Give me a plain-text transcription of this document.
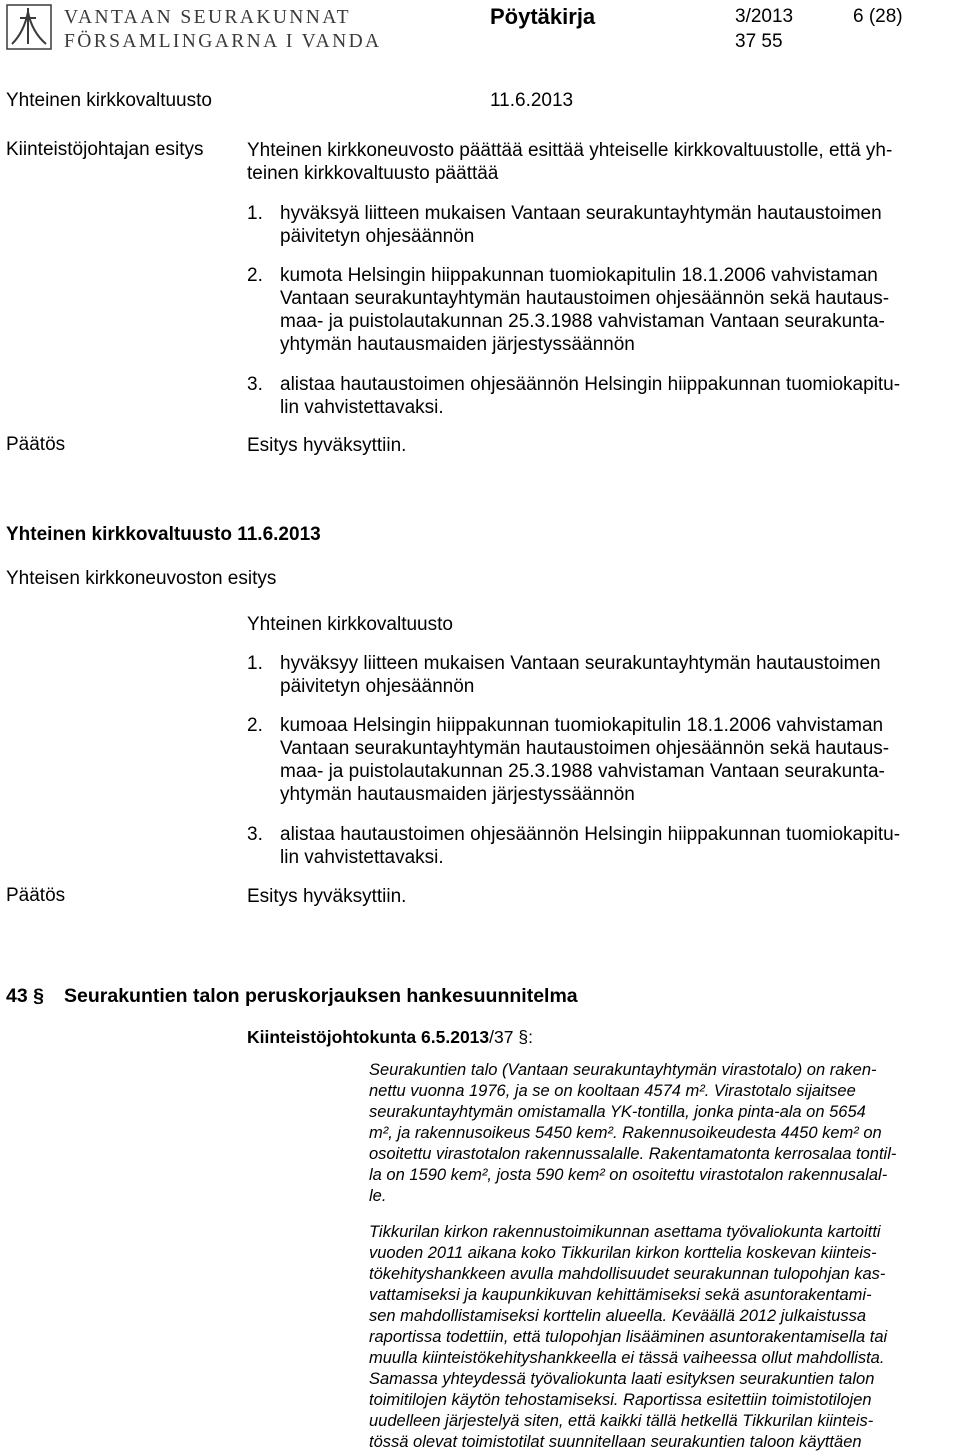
VANTAAN SEURAKUNNAT
FÖRSAMLINGARNA I VANDA
Pöytäkirja	3/2013	6 (28)
37 55
Yhteinen kirkkovaltuusto	11.6.2013
Kiinteistöjohtajan esitys Yhteinen kirkkoneuvosto päättää esittää yhteiselle kirkkovaltuustolle, että yh-
teinen kirkkovaltuusto päättää
1. hyväksyä liitteen mukaisen Vantaan seurakuntayhtymän hautaustoimen
päivitetyn ohjesäännön
2. kumota Helsingin hiippakunnan tuomiokapitulin 18.1.2006 vahvistaman
Vantaan seurakuntayhtymän hautaustoimen ohjesäännön sekä hautaus-
maa- ja puistolautakunnan 25.3.1988 vahvistaman Vantaan seurakunta-
yhtymän hautausmaiden järjestyssäännön
3. alistaa hautaustoimen ohjesäännön Helsingin hiippakunnan tuomiokapitu-
lin vahvistettavaksi.
Päätös	Esitys hyväksyttiin.
Yhteinen kirkkovaltuusto 11.6.2013
Yhteisen kirkkoneuvoston esitys
Yhteinen kirkkovaltuusto
1. hyväksyy liitteen mukaisen Vantaan seurakuntayhtymän hautaustoimen
päivitetyn ohjesäännön
2. kumoaa Helsingin hiippakunnan tuomiokapitulin 18.1.2006 vahvistaman
Vantaan seurakuntayhtymän hautaustoimen ohjesäännön sekä hautaus-
maa- ja puistolautakunnan 25.3.1988 vahvistaman Vantaan seurakunta-
yhtymän hautausmaiden järjestyssäännön
3. alistaa hautaustoimen ohjesäännön Helsingin hiippakunnan tuomiokapitu-
lin vahvistettavaksi.
Päätös	Esitys hyväksyttiin.
43 § Seurakuntien talon peruskorjauksen hankesuunnitelma
Kiinteistöjohtokunta 6.5.2013/37 §:
Seurakuntien talo (Vantaan seurakuntayhtymän virastotalo) on raken-
nettu vuonna 1976, ja se on kooltaan 4574 m². Virastotalo sijaitsee
seurakuntayhtymän omistamalla YK-tontilla, jonka pinta-ala on 5654
m², ja rakennusoikeus 5450 kem². Rakennusoikeudesta 4450 kem² on
osoitettu virastotalon rakennussalalle. Rakentamatonta kerrosalaa tontil-
la on 1590 kem², josta 590 kem² on osoitettu virastotalon rakennusalal-
le.
Tikkurilan kirkon rakennustoimikunnan asettama työvaliokunta kartoitti
vuoden 2011 aikana koko Tikkurilan kirkon korttelia koskevan kiinteis-
tökehityshankkeen avulla mahdollisuudet seurakunnan tulopohjan kas-
vattamiseksi ja kaupunkikuvan kehittämiseksi sekä asuntorakentami-
sen mahdollistamiseksi korttelin alueella. Keväällä 2012 julkaistussa
raportissa todettiin, että tulopohjan lisääminen asuntorakentamisella tai
muulla kiinteistökehityshankkeella ei tässä vaiheessa ollut mahdollista.
Samassa yhteydessä työvaliokunta laati esityksen seurakuntien talon
toimitilojen käytön tehostamiseksi. Raportissa esitettiin toimistotilojen
uudelleen järjestelyä siten, että kaikki tällä hetkellä Tikkurilan kiinteis-
tössä olevat toimistotilat suunnitellaan seurakuntien taloon käyttäen
